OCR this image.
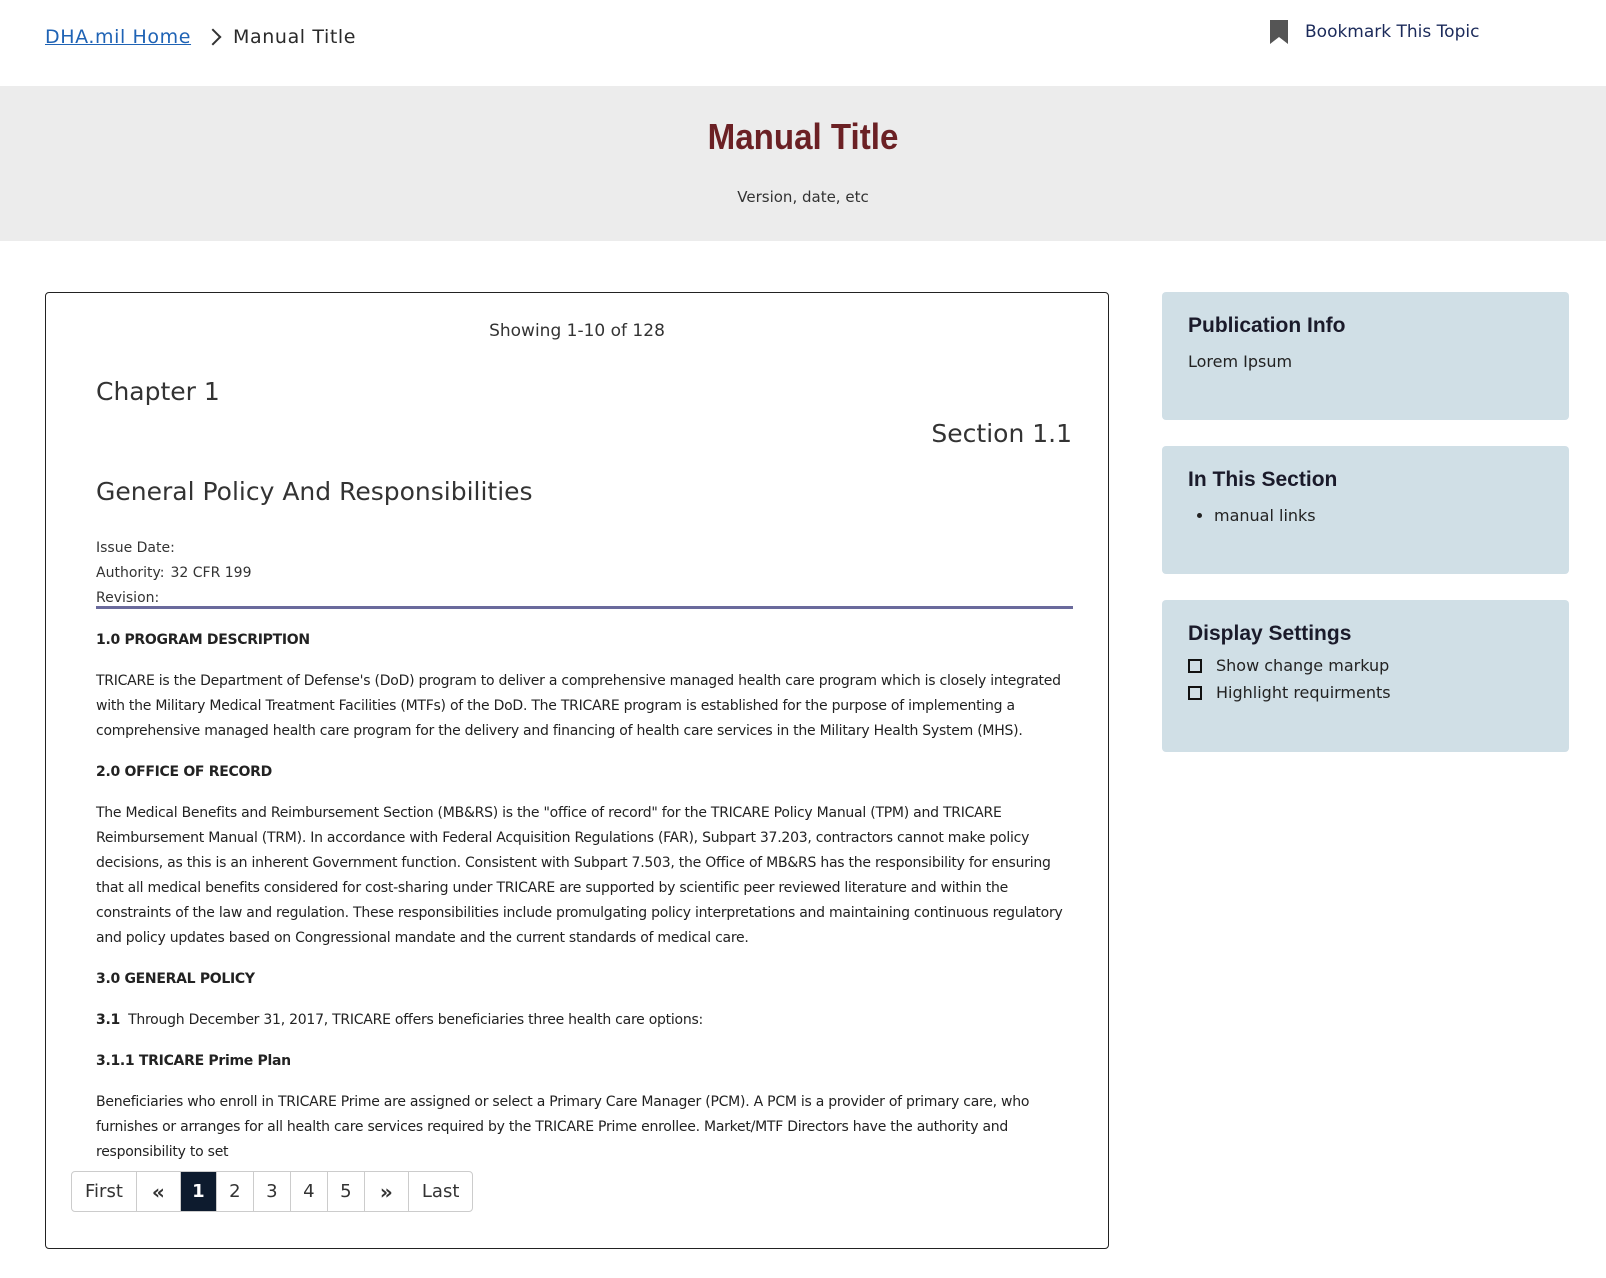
DHA.mil Home Manual Title	Bookmark This Topic
Manual Title
Version, date, etc
Showing 1-10 of 128
Chapter 1
Section 1.1
General Policy And Responsibilities
Issue Date:
Authority: 32 CFR 199
Revision:
1.0 PROGRAM DESCRIPTION

TRICARE is the Department of Defense's (DoD) program to deliver a comprehensive managed health care program which is closely integrated with the Military Medical Treatment Facilities (MTFs) of the DoD. The TRICARE program is established for the purpose of implementing a comprehensive managed health care program for the delivery and financing of health care services in the Military Health System (MHS).

2.0 OFFICE OF RECORD

The Medical Benefits and Reimbursement Section (MB&RS) is the "office of record" for the TRICARE Policy Manual (TPM) and TRICARE Reimbursement Manual (TRM). In accordance with Federal Acquisition Regulations (FAR), Subpart 37.203, contractors cannot make policy decisions, as this is an inherent Government function. Consistent with Subpart 7.503, the Office of MB&RS has the responsibility for ensuring that all medical benefits considered for cost-sharing under TRICARE are supported by scientific peer reviewed literature and within the constraints of the law and regulation. These responsibilities include promulgating policy interpretations and maintaining continuous regulatory and policy updates based on Congressional mandate and the current standards of medical care.

3.0 GENERAL POLICY

3.1 Through December 31, 2017, TRICARE offers beneficiaries three health care options:

3.1.1 TRICARE Prime Plan

Beneficiaries who enroll in TRICARE Prime are assigned or select a Primary Care Manager (PCM). A PCM is a provider of primary care, who furnishes or arranges for all health care services required by the TRICARE Prime enrollee. Market/MTF Directors have the authority and responsibility to set

First	«	1	2	3	4	5	»	Last
Publication Info
Lorem Ipsum
In This Section
• manual links
Display Settings
Show change markup
Highlight requirments
